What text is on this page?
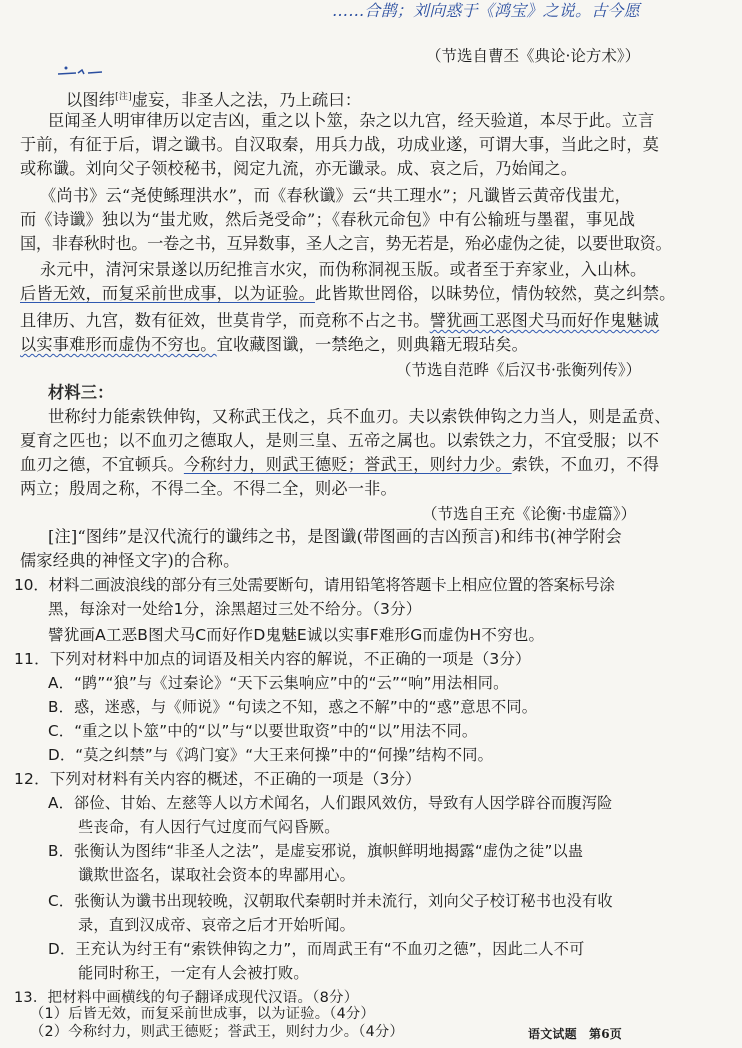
……合鹊；刘向惑于《鸿宝》之说。古今愿
（节选自曹丕《典论·论方术》）
以图纬[注]虚妄，非圣人之法，乃上疏曰：
臣闻圣人明审律历以定吉凶，重之以卜筮，杂之以九宫，经天验道，本尽于此。立言
于前，有征于后，谓之谶书。自汉取秦，用兵力战，功成业遂，可谓大事，当此之时，莫
或称谶。刘向父子领校秘书，阅定九流，亦无谶录。成、哀之后，乃始闻之。
《尚书》云“尧使鲧理洪水”，而《春秋谶》云“共工理水”；凡谶皆云黄帝伐蚩尤，
而《诗谶》独以为“蚩尤败，然后尧受命”；《春秋元命包》中有公输班与墨翟，事见战
国，非春秋时也。一卷之书，互异数事，圣人之言，势无若是，殆必虚伪之徒，以要世取资。
永元中，清河宋景遂以历纪推言水灾，而伪称洞视玉版。或者至于弃家业，入山林。
后皆无效，而复采前世成事，以为证验。此皆欺世罔俗，以昧势位，情伪较然，莫之纠禁。
且律历、九宫，数有征效，世莫肯学，而竞称不占之书。譬犹画工恶图犬马而好作鬼魅诚
以实事难形而虚伪不穷也。宜收藏图谶，一禁绝之，则典籍无瑕玷矣。
（节选自范晔《后汉书·张衡列传》）
材料三：
世称纣力能索铁伸钩，又称武王伐之，兵不血刃。夫以索铁伸钩之力当人，则是孟贲、
夏育之匹也；以不血刃之德取人，是则三皇、五帝之属也。以索铁之力，不宜受服；以不
血刃之德，不宜顿兵。今称纣力，则武王德贬；誉武王，则纣力少。索铁，不血刃，不得
两立；殷周之称，不得二全。不得二全，则必一非。
（节选自王充《论衡·书虚篇》）
[注]“图纬”是汉代流行的谶纬之书，是图谶(带图画的吉凶预言)和纬书(神学附会
儒家经典的神怪文字)的合称。
10．材料二画波浪线的部分有三处需要断句，请用铅笔将答题卡上相应位置的答案标号涂
黑，每涂对一处给1分，涂黑超过三处不给分。（3分）
譬犹画A工恶B图犬马C而好作D鬼魅E诚以实事F难形G而虚伪H不穷也。
11．下列对材料中加点的词语及相关内容的解说，不正确的一项是（3分）
A．“鹍”“狼”与《过秦论》“天下云集响应”中的“云”“响”用法相同。
B．惑，迷惑，与《师说》“句读之不知，惑之不解”中的“惑”意思不同。
C．“重之以卜筮”中的“以”与“以要世取资”中的“以”用法不同。
D．“莫之纠禁”与《鸿门宴》“大王来何操”中的“何操”结构不同。
12．下列对材料有关内容的概述，不正确的一项是（3分）
A．郤俭、甘始、左慈等人以方术闻名，人们跟风效仿，导致有人因学辟谷而腹泻险
些丧命，有人因行气过度而气闷昏厥。
B．张衡认为图纬“非圣人之法”，是虚妄邪说，旗帜鲜明地揭露“虚伪之徒”以蛊
谶欺世盗名，谋取社会资本的卑鄙用心。
C．张衡认为谶书出现较晚，汉朝取代秦朝时并未流行，刘向父子校订秘书也没有收
录，直到汉成帝、哀帝之后才开始听闻。
D．王充认为纣王有“索铁伸钩之力”，而周武王有“不血刃之德”，因此二人不可
能同时称王，一定有人会被打败。
13．把材料中画横线的句子翻译成现代汉语。（8分）
（1）后皆无效，而复采前世成事，以为证验。（4分）
（2）今称纣力，则武王德贬；誉武王，则纣力少。（4分）	语文试题　第6页
